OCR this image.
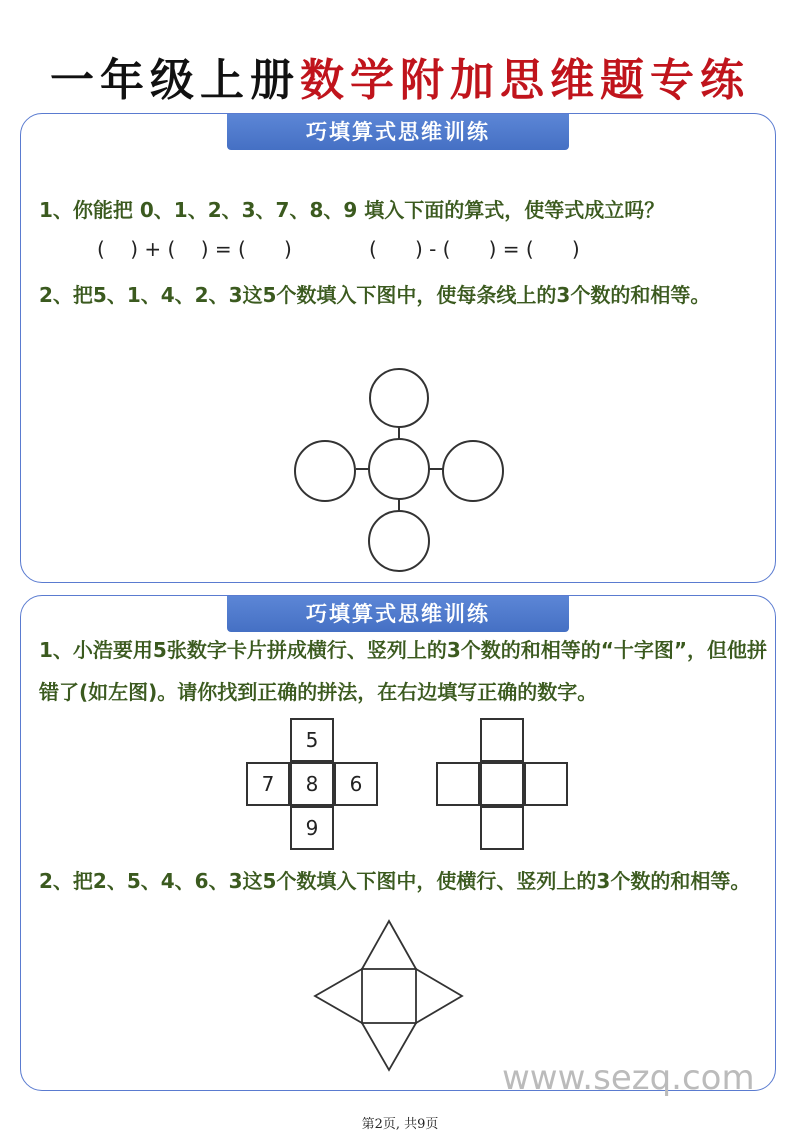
一年级上册数学附加思维题专练
巧填算式思维训练
1、你能把 0、1、2、3、7、8、9 填入下面的算式，使等式成立吗？
(    ) + (    ) = (      )	(      ) - (      ) = (      )
2、把5、1、4、2、3这5个数填入下图中，使每条线上的3个数的和相等。
巧填算式思维训练
1、小浩要用5张数字卡片拼成横行、竖列上的3个数的和相等的“十字图”，但他拼错了(如左图)。请你找到正确的拼法，在右边填写正确的数字。
2、把2、5、4、6、3这5个数填入下图中，使横行、竖列上的3个数的和相等。
5
7	8	6
9
www.sezq.com
第2页, 共9页
